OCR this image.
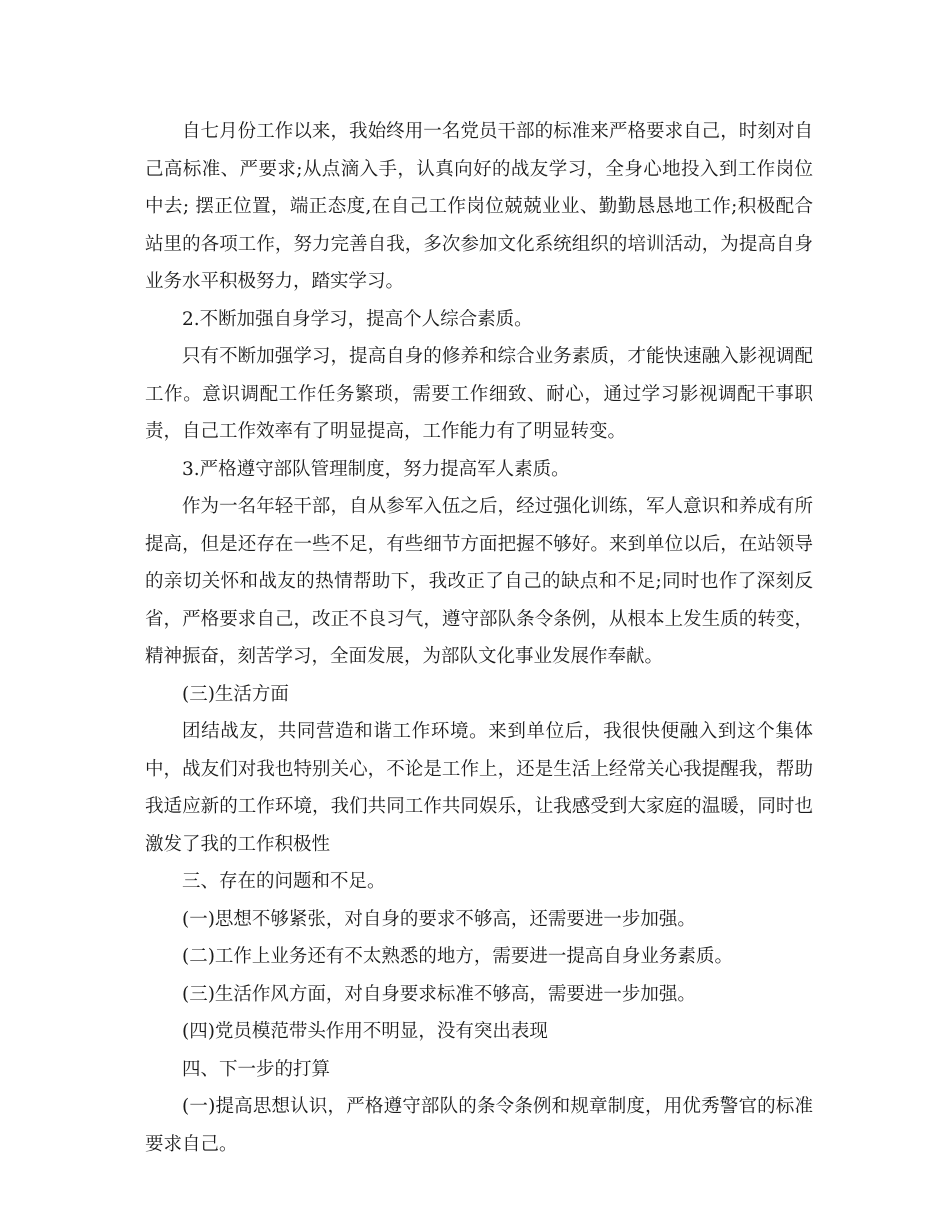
自七月份工作以来，我始终用一名党员干部的标准来严格要求自己，时刻对自己高标准、严要求;从点滴入手，认真向好的战友学习，全身心地投入到工作岗位中去; 摆正位置，端正态度,在自己工作岗位兢兢业业、勤勤恳恳地工作;积极配合站里的各项工作，努力完善自我，多次参加文化系统组织的培训活动，为提高自身业务水平积极努力，踏实学习。

2.不断加强自身学习，提高个人综合素质。

只有不断加强学习，提高自身的修养和综合业务素质，才能快速融入影视调配工作。意识调配工作任务繁琐，需要工作细致、耐心，通过学习影视调配干事职责，自己工作效率有了明显提高，工作能力有了明显转变。

3.严格遵守部队管理制度，努力提高军人素质。

作为一名年轻干部，自从参军入伍之后，经过强化训练，军人意识和养成有所提高，但是还存在一些不足，有些细节方面把握不够好。来到单位以后，在站领导的亲切关怀和战友的热情帮助下，我改正了自己的缺点和不足;同时也作了深刻反省，严格要求自己，改正不良习气，遵守部队条令条例，从根本上发生质的转变，精神振奋，刻苦学习，全面发展，为部队文化事业发展作奉献。

(三)生活方面

团结战友，共同营造和谐工作环境。来到单位后，我很快便融入到这个集体中，战友们对我也特别关心，不论是工作上，还是生活上经常关心我提醒我，帮助我适应新的工作环境，我们共同工作共同娱乐，让我感受到大家庭的温暖，同时也激发了我的工作积极性

三、存在的问题和不足。

(一)思想不够紧张，对自身的要求不够高，还需要进一步加强。

(二)工作上业务还有不太熟悉的地方，需要进一提高自身业务素质。

(三)生活作风方面，对自身要求标准不够高，需要进一步加强。

(四)党员模范带头作用不明显，没有突出表现

四、下一步的打算

(一)提高思想认识，严格遵守部队的条令条例和规章制度，用优秀警官的标准要求自己。
